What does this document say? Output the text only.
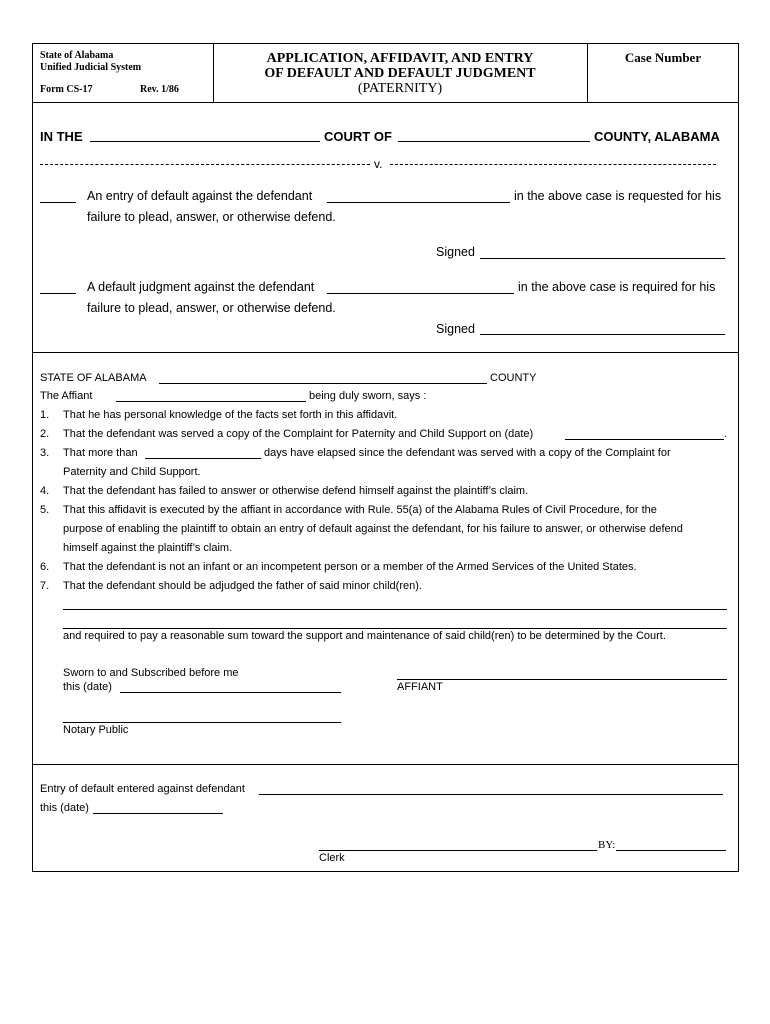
State of Alabama
Unified Judicial System
Form CS-17	Rev. 1/86
APPLICATION, AFFIDAVIT, AND ENTRY
OF DEFAULT AND DEFAULT JUDGMENT
(PATERNITY)
Case Number
IN THE	COURT OF	COUNTY, ALABAMA
v.
An entry of default against the defendant	in the above case is requested for his
failure to plead, answer, or otherwise defend.
Signed
A default judgment against the defendant	in the above case is required for his
failure to plead, answer, or otherwise defend.
Signed
STATE OF ALABAMA	COUNTY
The Affiant	being duly sworn, says :
1. That he has personal knowledge of the facts set forth in this affidavit.
2. That the defendant was served a copy of the Complaint for Paternity and Child Support on (date)	.
3. That more than	days have elapsed since the defendant was served with a copy of the Complaint for
Paternity and Child Support.
4. That the defendant has failed to answer or otherwise defend himself against the plaintiff’s claim.
5. That this affidavit is executed by the affiant in accordance with Rule. 55(a) of the Alabama Rules of Civil Procedure, for the
purpose of enabling the plaintiff to obtain an entry of default against the defendant, for his failure to answer, or otherwise defend
himself against the plaintiff’s claim.
6. That the defendant is not an infant or an incompetent person or a member of the Armed Services of the United States.
7. That the defendant should be adjudged the father of said minor child(ren).
and required to pay a reasonable sum toward the support and maintenance of said child(ren) to be determined by the Court.
Sworn to and Subscribed before me
this (date)	AFFIANT
Notary Public
Entry of default entered against defendant
this (date)
BY:
Clerk
